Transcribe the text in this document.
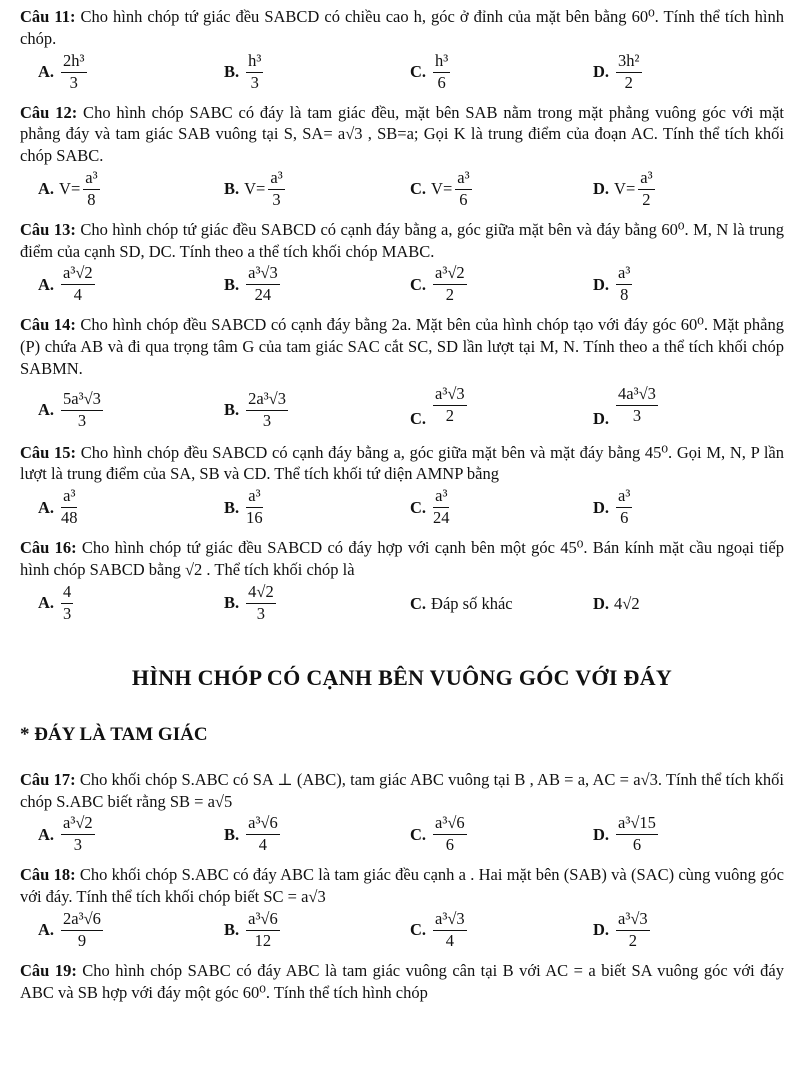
Câu 11: Cho hình chóp tứ giác đều SABCD có chiều cao h, góc ở đỉnh của mặt bên bằng 60⁰. Tính thể tích hình chóp.

A. $\frac{\text{2h³}}{3}$	B. $\frac{\text{h³}}{3}$	C. $\frac{\text{h³}}{6}$	D. $\frac{\text{3h²}}{2}$

Câu 12: Cho hình chóp SABC có đáy là tam giác đều, mặt bên SAB nằm trong mặt phẳng vuông góc với mặt phẳng đáy và tam giác SAB vuông tại S, SA= a√3 , SB=a; Gọi K là trung điểm của đoạn AC. Tính thể tích khối chóp SABC.

A. $V= \frac{\text{a³}}{8}$	B. $V= \frac{\text{a³}}{3}$	C. $V= \frac{\text{a³}}{6}$	D. $V= \frac{\text{a³}}{2}$

Câu 13: Cho hình chóp tứ giác đều SABCD có cạnh đáy bằng a, góc giữa mặt bên và đáy bằng 60⁰. M, N là trung điểm của cạnh SD, DC. Tính theo a thể tích khối chóp MABC.

A. $\frac{\text{a³√2}}{4}$	B. $\frac{\text{a³√3}}{24}$	C. $\frac{\text{a³√2}}{2}$	D. $\frac{\text{a³}}{8}$

Câu 14: Cho hình chóp đều SABCD có cạnh đáy bằng 2a. Mặt bên của hình chóp tạo với đáy góc 60⁰. Mặt phẳng (P) chứa AB và đi qua trọng tâm G của tam giác SAC cắt SC, SD lần lượt tại M, N. Tính theo a thể tích khối chóp SABMN.

A. $\frac{\text{5a³√3}}{3}$	B. $\frac{\text{2a³√3}}{3}$	C. $\frac{\text{a³√3}}{2}$	D. $\frac{\text{4a³√3}}{3}$

Câu 15: Cho hình chóp đều SABCD có cạnh đáy bằng a, góc giữa mặt bên và mặt đáy bằng 45⁰. Gọi M, N, P lần lượt là trung điểm của SA, SB và CD. Thể tích khối tứ diện AMNP bằng

A. $\frac{\text{a³}}{48}$	B. $\frac{\text{a³}}{16}$	C. $\frac{\text{a³}}{24}$	D. $\frac{\text{a³}}{6}$

Câu 16: Cho hình chóp tứ giác đều SABCD có đáy hợp với cạnh bên một góc 45⁰. Bán kính mặt cầu ngoại tiếp hình chóp SABCD bằng √2 . Thể tích khối chóp là

A. $\frac{4}{3}$	B. $\frac{4√2}{3}$	C. Đáp số khác	D. 4√2
HÌNH CHÓP CÓ CẠNH BÊN VUÔNG GÓC VỚI ĐÁY
* ĐÁY LÀ TAM GIÁC

Câu 17: Cho khối chóp S.ABC có SA ⊥ (ABC), tam giác ABC vuông tại B , AB = a, AC = a√3. Tính thể tích khối chóp S.ABC biết rằng SB = a√5

A. $\frac{\text{a³√2}}{3}$	B. $\frac{\text{a³√6}}{4}$	C. $\frac{\text{a³√6}}{6}$	D. $\frac{\text{a³√15}}{6}$

Câu 18: Cho khối chóp S.ABC có đáy ABC là tam giác đều cạnh a . Hai mặt bên (SAB) và (SAC) cùng vuông góc với đáy. Tính thể tích khối chóp biết SC = a√3

A. $\frac{\text{2a³√6}}{9}$	B. $\frac{\text{a³√6}}{12}$	C. $\frac{\text{a³√3}}{4}$	D. $\frac{\text{a³√3}}{2}$

Câu 19: Cho hình chóp SABC có đáy ABC là tam giác vuông cân tại B với AC = a biết SA vuông góc với đáy ABC và SB hợp với đáy một góc 60⁰. Tính thể tích hình chóp
